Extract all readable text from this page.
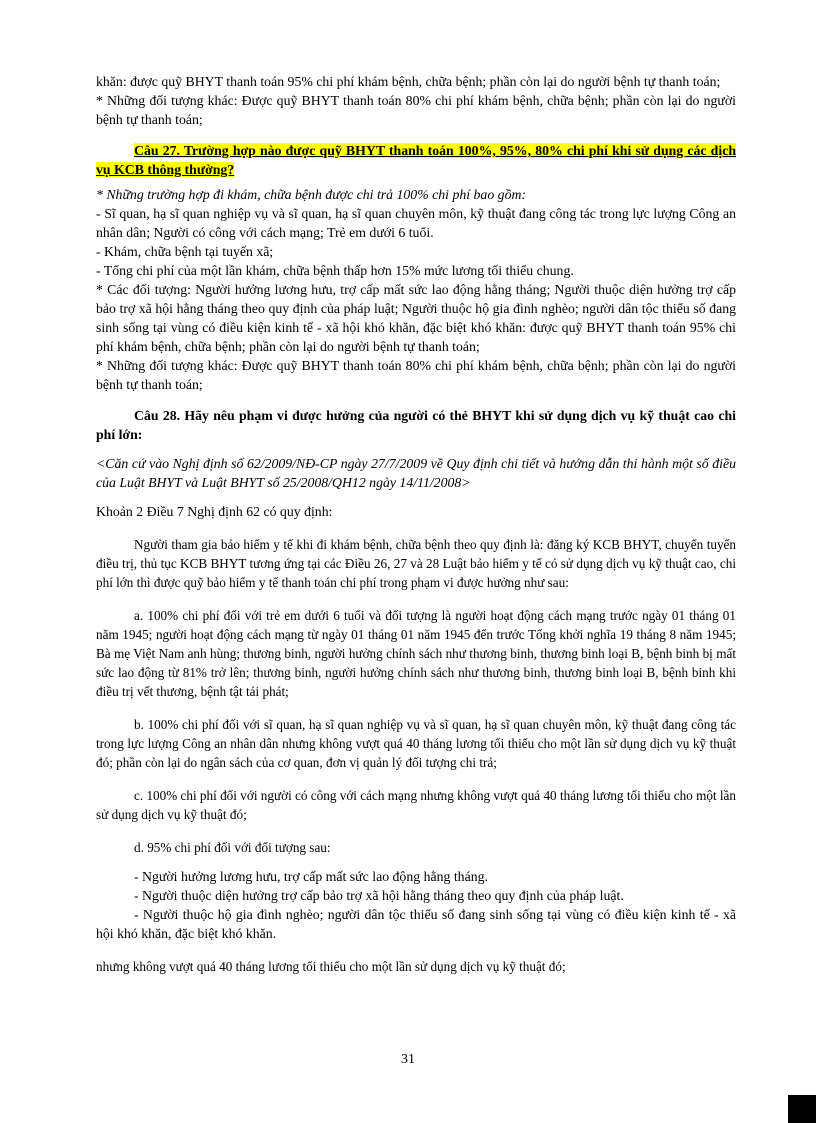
khăn: được quỹ BHYT thanh toán 95% chi phí khám bệnh, chữa bệnh; phần còn lại do người bệnh tự thanh toán;

* Những đối tượng khác: Được quỹ BHYT thanh toán 80% chi phí khám bệnh, chữa bệnh; phần còn lại do người bệnh tự thanh toán;

Câu 27. Trường hợp nào được quỹ BHYT thanh toán 100%, 95%, 80% chi phí khi sử dụng các dịch vụ KCB thông thường?

* Những trường hợp đi khám, chữa bệnh được chi trả 100% chi phí bao gồm:

- Sĩ quan, hạ sĩ quan nghiệp vụ và sĩ quan, hạ sĩ quan chuyên môn, kỹ thuật đang công tác trong lực lượng Công an nhân dân; Người có công với cách mạng; Trẻ em dưới 6 tuổi.

- Khám, chữa bệnh tại tuyến xã;

- Tổng chi phí của một lần khám, chữa bệnh thấp hơn 15% mức lương tối thiểu chung.

* Các đối tượng: Người hưởng lương hưu, trợ cấp mất sức lao động hằng tháng; Người thuộc diện hưởng trợ cấp bảo trợ xã hội hằng tháng theo quy định của pháp luật; Người thuộc hộ gia đình nghèo; người dân tộc thiểu số đang sinh sống tại vùng có điều kiện kinh tế - xã hội khó khăn, đặc biệt khó khăn: được quỹ BHYT thanh toán 95% chi phí khám bệnh, chữa bệnh; phần còn lại do người bệnh tự thanh toán;

* Những đối tượng khác: Được quỹ BHYT thanh toán 80% chi phí khám bệnh, chữa bệnh; phần còn lại do người bệnh tự thanh toán;

Câu 28. Hãy nêu phạm vi được hưởng của người có thẻ BHYT khi sử dụng dịch vụ kỹ thuật cao chi phí lớn:

<Căn cứ vào Nghị định số 62/2009/NĐ-CP ngày 27/7/2009 về Quy định chi tiết và hướng dẫn thi hành một số điều của Luật BHYT và Luật BHYT số 25/2008/QH12 ngày 14/11/2008>

Khoản 2 Điều 7 Nghị định 62 có quy định:

Người tham gia bảo hiểm y tế khi đi khám bệnh, chữa bệnh theo quy định là: đăng ký KCB BHYT, chuyển tuyến điều trị, thủ tục KCB BHYT tương ứng tại các Điều 26, 27 và 28 Luật bảo hiểm y tế có sử dụng dịch vụ kỹ thuật cao, chi phí lớn thì được quỹ bảo hiểm y tế thanh toán chi phí trong phạm vi được hưởng như sau:

a. 100% chi phí đối với trẻ em dưới 6 tuổi và đối tượng là người hoạt động cách mạng trước ngày 01 tháng 01 năm 1945; người hoạt động cách mạng từ ngày 01 tháng 01 năm 1945 đến trước Tổng khởi nghĩa 19 tháng 8 năm 1945; Bà mẹ Việt Nam anh hùng; thương binh, người hưởng chính sách như thương binh, thương binh loại B, bệnh binh bị mất sức lao động từ 81% trở lên; thương binh, người hưởng chính sách như thương binh, thương binh loại B, bệnh binh khi điều trị vết thương, bệnh tật tái phát;

b. 100% chi phí đối với sĩ quan, hạ sĩ quan nghiệp vụ và sĩ quan, hạ sĩ quan chuyên môn, kỹ thuật đang công tác trong lực lượng Công an nhân dân nhưng không vượt quá 40 tháng lương tối thiểu cho một lần sử dụng dịch vụ kỹ thuật đó; phần còn lại do ngân sách của cơ quan, đơn vị quản lý đối tượng chi trả;

c. 100% chi phí đối với người có công với cách mạng nhưng không vượt quá 40 tháng lương tối thiểu cho một lần sử dụng dịch vụ kỹ thuật đó;

d. 95% chi phí đối với đối tượng sau:

- Người hưởng lương hưu, trợ cấp mất sức lao động hằng tháng.

- Người thuộc diện hưởng trợ cấp bảo trợ xã hội hằng tháng theo quy định của pháp luật.

- Người thuộc hộ gia đình nghèo; người dân tộc thiểu số đang sinh sống tại vùng có điều kiện kinh tế - xã hội khó khăn, đặc biệt khó khăn.

nhưng không vượt quá 40 tháng lương tối thiểu cho một lần sử dụng dịch vụ kỹ thuật đó;

31
